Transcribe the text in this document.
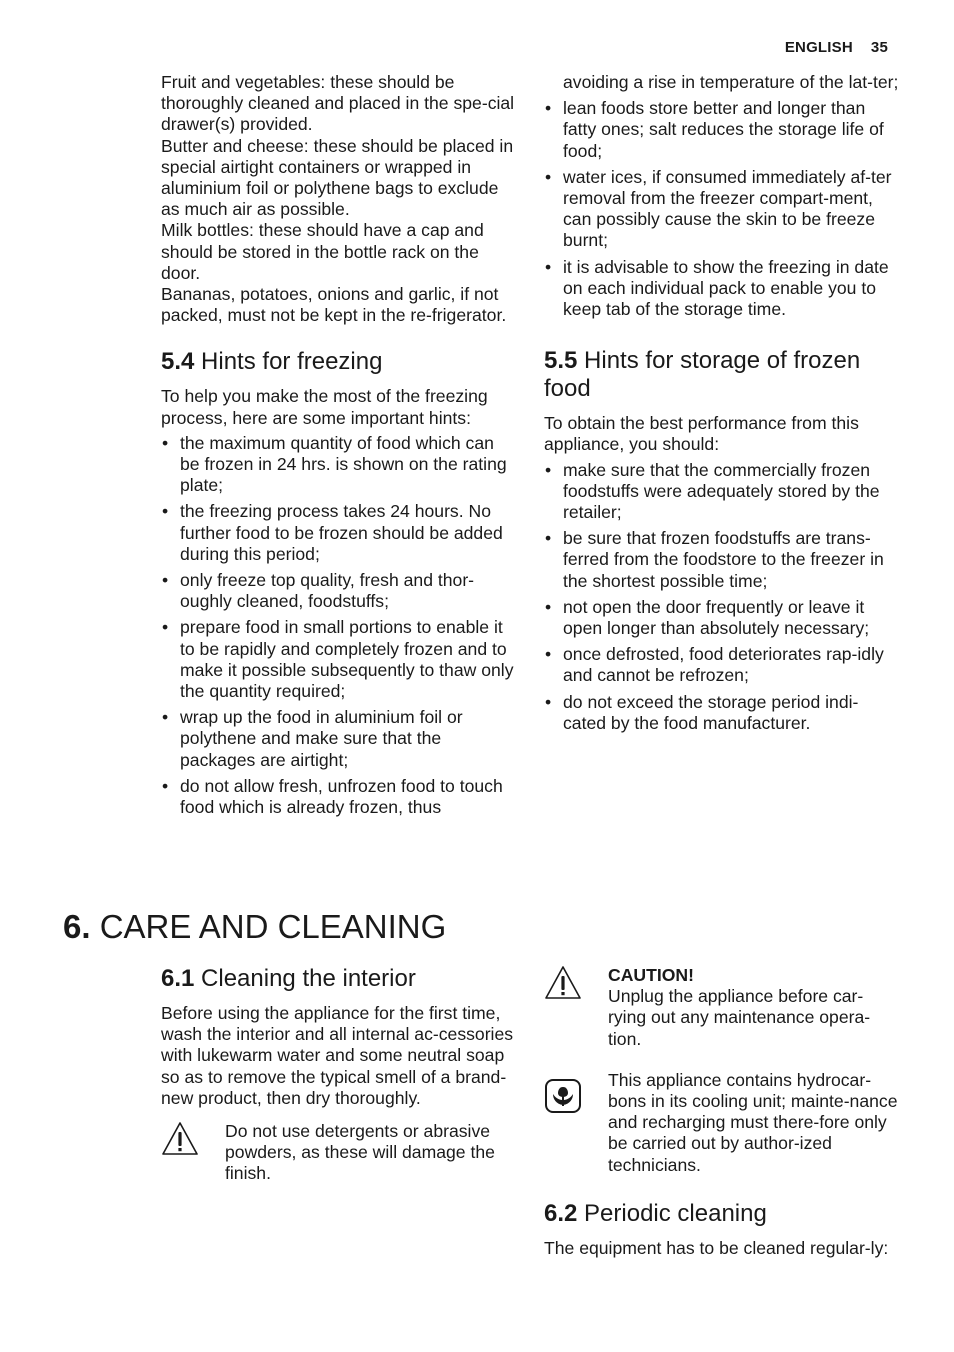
ENGLISH 35

Fruit and vegetables: these should be thoroughly cleaned and placed in the spe-cial drawer(s) provided.

Butter and cheese: these should be placed in special airtight containers or wrapped in aluminium foil or polythene bags to exclude as much air as possible.

Milk bottles: these should have a cap and should be stored in the bottle rack on the door.

Bananas, potatoes, onions and garlic, if not packed, must not be kept in the re-frigerator.

5.4 Hints for freezing

To help you make the most of the freezing process, here are some important hints:

• the maximum quantity of food which can be frozen in 24 hrs. is shown on the rating plate;
• the freezing process takes 24 hours. No further food to be frozen should be added during this period;
• only freeze top quality, fresh and thor-oughly cleaned, foodstuffs;
• prepare food in small portions to enable it to be rapidly and completely frozen and to make it possible subsequently to thaw only the quantity required;
• wrap up the food in aluminium foil or polythene and make sure that the packages are airtight;
• do not allow fresh, unfrozen food to touch food which is already frozen, thus
avoiding a rise in temperature of the lat-ter;
• lean foods store better and longer than fatty ones; salt reduces the storage life of food;
• water ices, if consumed immediately af-ter removal from the freezer compart-ment, can possibly cause the skin to be freeze burnt;
• it is advisable to show the freezing in date on each individual pack to enable you to keep tab of the storage time.
5.5 Hints for storage of frozen food

To obtain the best performance from this appliance, you should:

• make sure that the commercially frozen foodstuffs were adequately stored by the retailer;
• be sure that frozen foodstuffs are trans-ferred from the foodstore to the freezer in the shortest possible time;
• not open the door frequently or leave it open longer than absolutely necessary;
• once defrosted, food deteriorates rap-idly and cannot be refrozen;
• do not exceed the storage period indi-cated by the food manufacturer.
6. CARE AND CLEANING
6.1 Cleaning the interior

Before using the appliance for the first time, wash the interior and all internal ac-cessories with lukewarm water and some neutral soap so as to remove the typical smell of a brand-new product, then dry thoroughly.

Do not use detergents or abrasive powders, as these will damage the finish.

CAUTION!

Unplug the appliance before car-rying out any maintenance opera-tion.

This appliance contains hydrocar-bons in its cooling unit; mainte-nance and recharging must there-fore only be carried out by author-ized technicians.

6.2 Periodic cleaning

The equipment has to be cleaned regular-ly:
